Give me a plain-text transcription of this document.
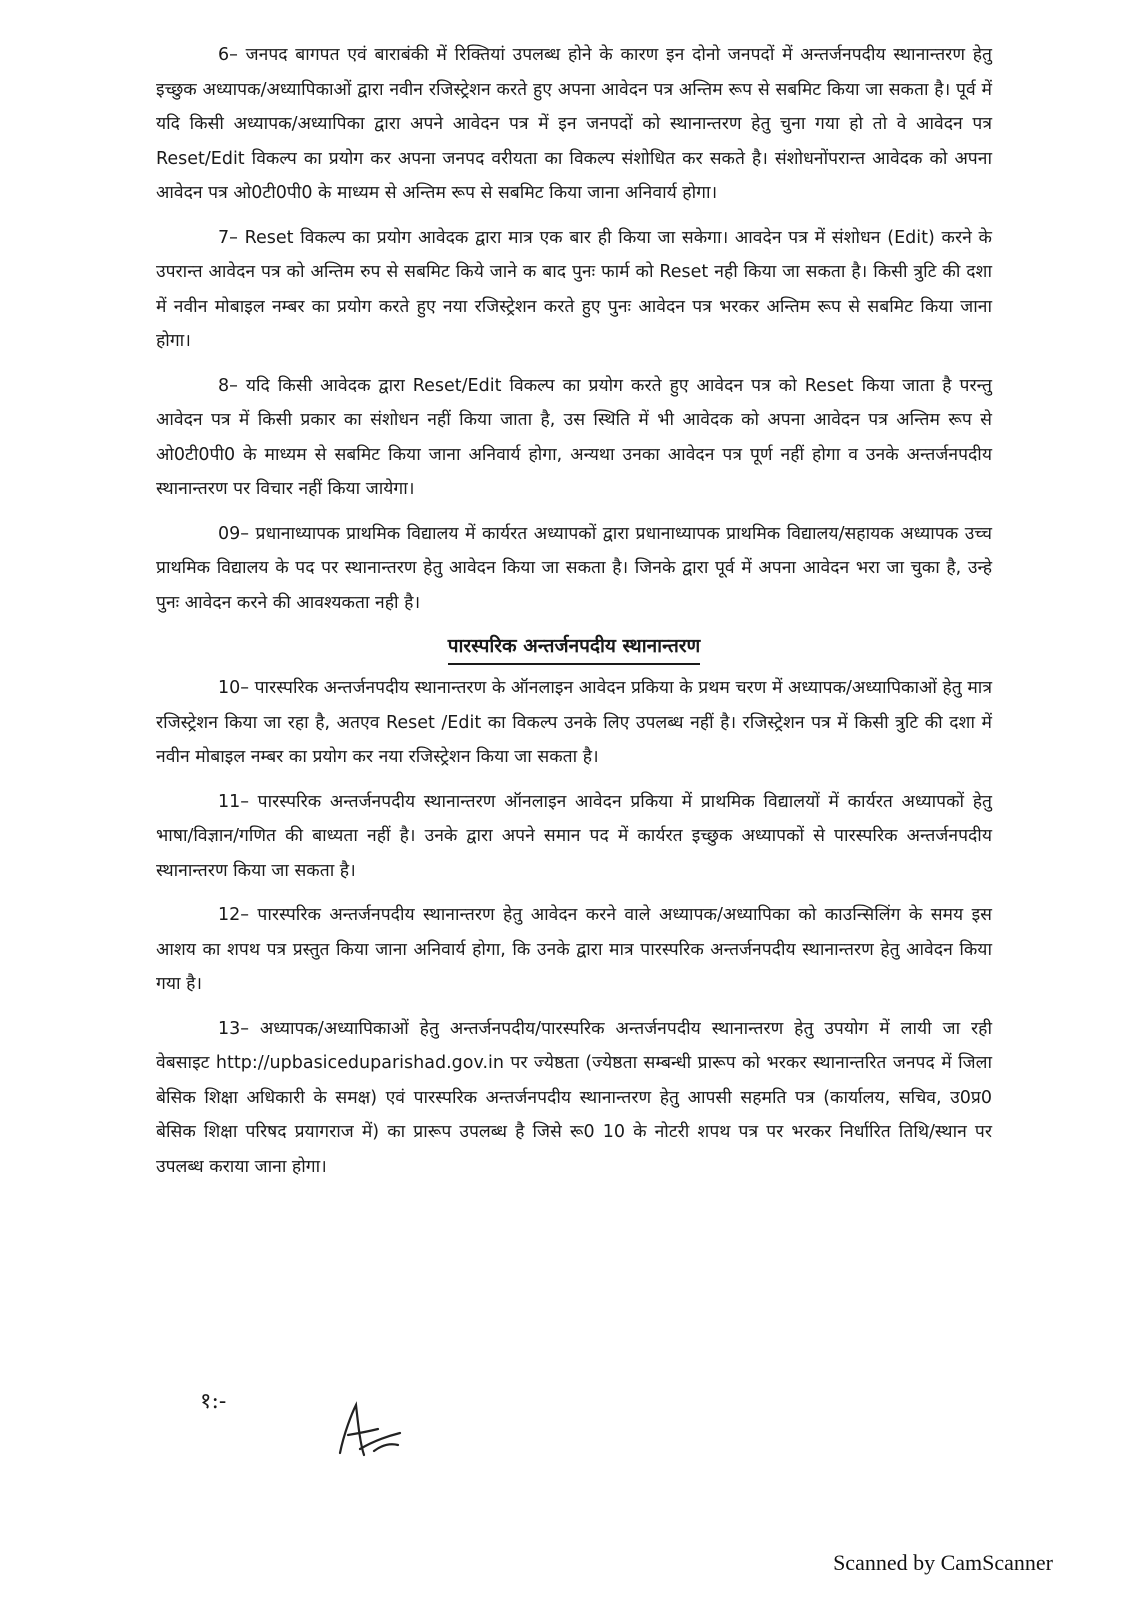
6– जनपद बागपत एवं बाराबंकी में रिक्तियां उपलब्ध होने के कारण इन दोनो जनपदों में अन्तर्जनपदीय स्थानान्तरण हेतु इच्छुक अध्यापक/अध्यापिकाओं द्वारा नवीन रजिस्ट्रेशन करते हुए अपना आवेदन पत्र अन्तिम रूप से सबमिट किया जा सकता है। पूर्व में यदि किसी अध्यापक/अध्यापिका द्वारा अपने आवेदन पत्र में इन जनपदों को स्थानान्तरण हेतु चुना गया हो तो वे आवेदन पत्र Reset/Edit विकल्प का प्रयोग कर अपना जनपद वरीयता का विकल्प संशोधित कर सकते है। संशोधनोंपरान्त आवेदक को अपना आवेदन पत्र ओ0टी0पी0 के माध्यम से अन्तिम रूप से सबमिट किया जाना अनिवार्य होगा।

7– Reset विकल्प का प्रयोग आवेदक द्वारा मात्र एक बार ही किया जा सकेगा। आवदेन पत्र में संशोधन (Edit) करने के उपरान्त आवेदन पत्र को अन्तिम रुप से सबमिट किये जाने क बाद पुनः फार्म को Reset नही किया जा सकता है। किसी त्रुटि की दशा में नवीन मोबाइल नम्बर का प्रयोग करते हुए नया रजिस्ट्रेशन करते हुए पुनः आवेदन पत्र भरकर अन्तिम रूप से सबमिट किया जाना होगा।

8– यदि किसी आवेदक द्वारा Reset/Edit विकल्प का प्रयोग करते हुए आवेदन पत्र को Reset किया जाता है परन्तु आवेदन पत्र में किसी प्रकार का संशोधन नहीं किया जाता है, उस स्थिति में भी आवेदक को अपना आवेदन पत्र अन्तिम रूप से ओ0टी0पी0 के माध्यम से सबमिट किया जाना अनिवार्य होगा, अन्यथा उनका आवेदन पत्र पूर्ण नहीं होगा व उनके अन्तर्जनपदीय स्थानान्तरण पर विचार नहीं किया जायेगा।

09– प्रधानाध्यापक प्राथमिक विद्यालय में कार्यरत अध्यापकों द्वारा प्रधानाध्यापक प्राथमिक विद्यालय/सहायक अध्यापक उच्च प्राथमिक विद्यालय के पद पर स्थानान्तरण हेतु आवेदन किया जा सकता है। जिनके द्वारा पूर्व में अपना आवेदन भरा जा चुका है, उन्हे पुनः आवेदन करने की आवश्यकता नही है।

पारस्परिक अन्तर्जनपदीय स्थानान्तरण

10– पारस्परिक अन्तर्जनपदीय स्थानान्तरण के ऑनलाइन आवेदन प्रकिया के प्रथम चरण में अध्यापक/अध्यापिकाओं हेतु मात्र रजिस्ट्रेशन किया जा रहा है, अतएव Reset /Edit का विकल्प उनके लिए उपलब्ध नहीं है। रजिस्ट्रेशन पत्र में किसी त्रुटि की दशा में नवीन मोबाइल नम्बर का प्रयोग कर नया रजिस्ट्रेशन किया जा सकता है।

11– पारस्परिक अन्तर्जनपदीय स्थानान्तरण ऑनलाइन आवेदन प्रकिया में प्राथमिक विद्यालयों में कार्यरत अध्यापकों हेतु भाषा/विज्ञान/गणित की बाध्यता नहीं है। उनके द्वारा अपने समान पद में कार्यरत इच्छुक अध्यापकों से पारस्परिक अन्तर्जनपदीय स्थानान्तरण किया जा सकता है।

12– पारस्परिक अन्तर्जनपदीय स्थानान्तरण हेतु आवेदन करने वाले अध्यापक/अध्यापिका को काउन्सिलिंग के समय इस आशय का शपथ पत्र प्रस्तुत किया जाना अनिवार्य होगा, कि उनके द्वारा मात्र पारस्परिक अन्तर्जनपदीय स्थानान्तरण हेतु आवेदन किया गया है।

13– अध्यापक/अध्यापिकाओं हेतु अन्तर्जनपदीय/पारस्परिक अन्तर्जनपदीय स्थानान्तरण हेतु उपयोग में लायी जा रही वेबसाइट http://upbasiceduparishad.gov.in पर ज्येष्ठता (ज्येष्ठता सम्बन्धी प्रारूप को भरकर स्थानान्तरित जनपद में जिला बेसिक शिक्षा अधिकारी के समक्ष) एवं पारस्परिक अन्तर्जनपदीय स्थानान्तरण हेतु आपसी सहमति पत्र (कार्यालय, सचिव, उ0प्र0 बेसिक शिक्षा परिषद प्रयागराज में) का प्रारूप उपलब्ध है जिसे रू0 10 के नोटरी शपथ पत्र पर भरकर निर्धारित तिथि/स्थान पर उपलब्ध कराया जाना होगा।

१:-
Scanned by CamScanner
